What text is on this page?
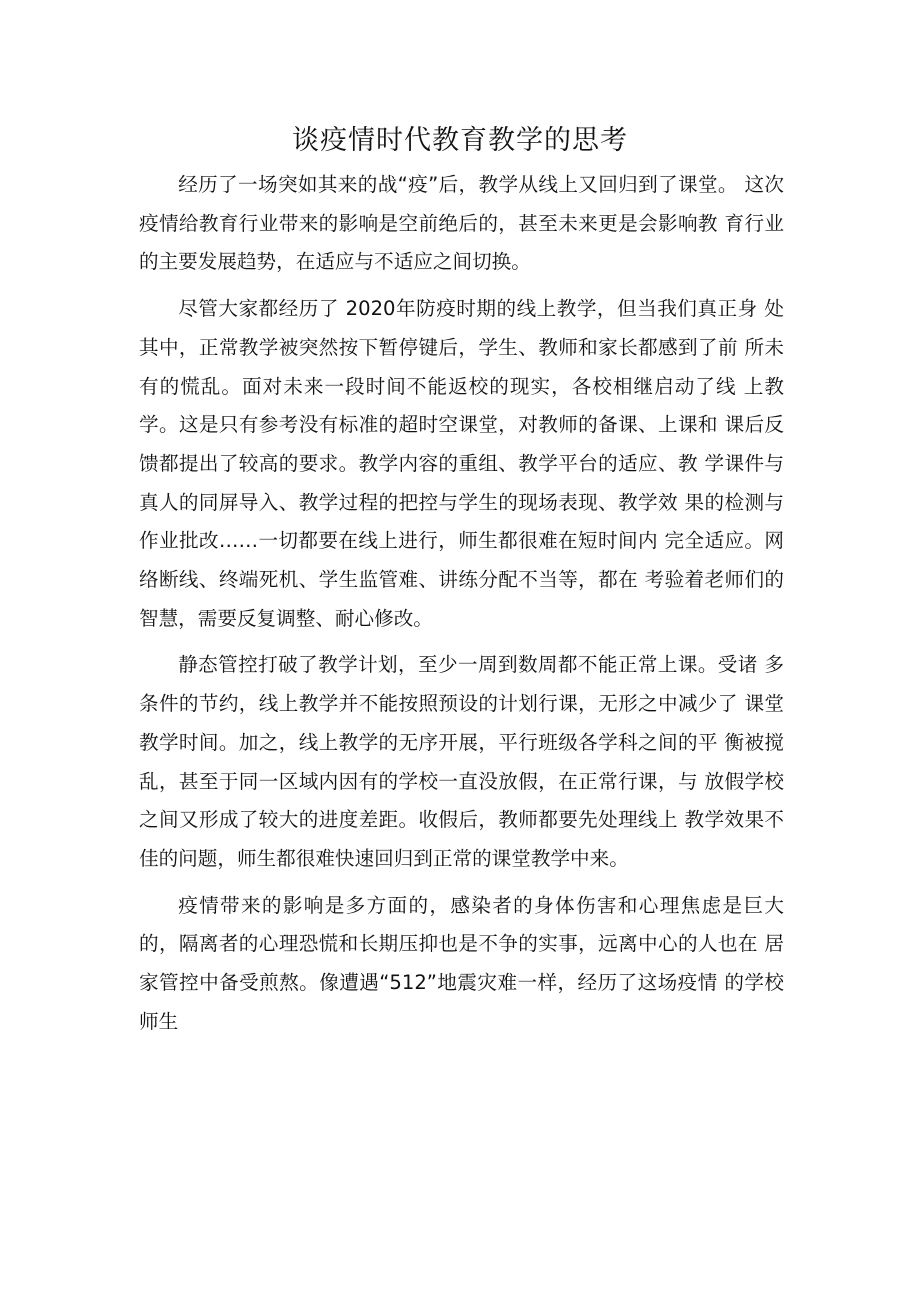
谈疫情时代教育教学的思考

经历了一场突如其来的战“疫”后，教学从线上又回归到了课堂。 这次疫情给教育行业带来的影响是空前绝后的，甚至未来更是会影响教 育行业的主要发展趋势，在适应与不适应之间切换。

尽管大家都经历了 2020年防疫时期的线上教学，但当我们真正身 处其中，正常教学被突然按下暂停键后，学生、教师和家长都感到了前 所未有的慌乱。面对未来一段时间不能返校的现实，各校相继启动了线 上教学。这是只有参考没有标准的超时空课堂，对教师的备课、上课和 课后反馈都提出了较高的要求。教学内容的重组、教学平台的适应、教 学课件与真人的同屏导入、教学过程的把控与学生的现场表现、教学效 果的检测与作业批改……一切都要在线上进行，师生都很难在短时间内 完全适应。网络断线、终端死机、学生监管难、讲练分配不当等，都在 考验着老师们的智慧，需要反复调整、耐心修改。

静态管控打破了教学计划，至少一周到数周都不能正常上课。受诸 多条件的节约，线上教学并不能按照预设的计划行课，无形之中减少了 课堂教学时间。加之，线上教学的无序开展，平行班级各学科之间的平 衡被搅乱，甚至于同一区域内因有的学校一直没放假，在正常行课，与 放假学校之间又形成了较大的进度差距。收假后，教师都要先处理线上 教学效果不佳的问题，师生都很难快速回归到正常的课堂教学中来。

疫情带来的影响是多方面的，感染者的身体伤害和心理焦虑是巨大 的，隔离者的心理恐慌和长期压抑也是不争的实事，远离中心的人也在 居家管控中备受煎熬。像遭遇“512”地震灾难一样，经历了这场疫情 的学校师生
